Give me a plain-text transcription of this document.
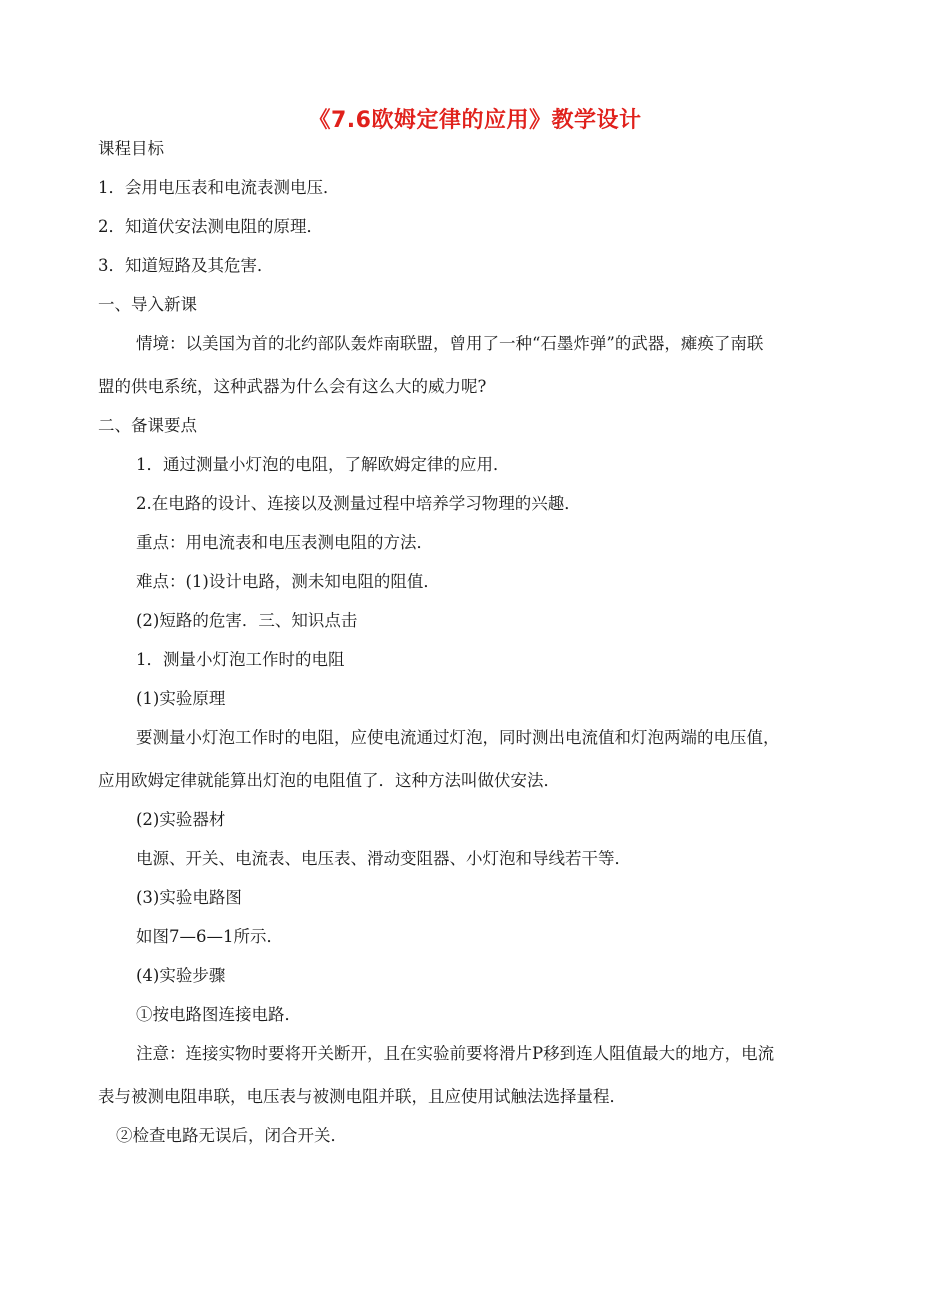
《7.6欧姆定律的应用》教学设计
课程目标
1．会用电压表和电流表测电压．
2．知道伏安法测电阻的原理．
3．知道短路及其危害．
一、导入新课
情境：以美国为首的北约部队轰炸南联盟，曾用了一种“石墨炸弹”的武器，瘫痪了南联
盟的供电系统，这种武器为什么会有这么大的威力呢?
二、备课要点
1．通过测量小灯泡的电阻，了解欧姆定律的应用．
2.在电路的设计、连接以及测量过程中培养学习物理的兴趣．
重点：用电流表和电压表测电阻的方法．
难点：(1)设计电路，测未知电阻的阻值．
(2)短路的危害．三、知识点击
1．测量小灯泡工作时的电阻
(1)实验原理
要测量小灯泡工作时的电阻，应使电流通过灯泡，同时测出电流值和灯泡两端的电压值，
应用欧姆定律就能算出灯泡的电阻值了．这种方法叫做伏安法．
(2)实验器材
电源、开关、电流表、电压表、滑动变阻器、小灯泡和导线若干等．
(3)实验电路图
如图7—6—1所示．
(4)实验步骤
①按电路图连接电路．
注意：连接实物时要将开关断开，且在实验前要将滑片P移到连人阻值最大的地方，电流
表与被测电阻串联，电压表与被测电阻并联，且应使用试触法选择量程．
②检查电路无误后，闭合开关．
